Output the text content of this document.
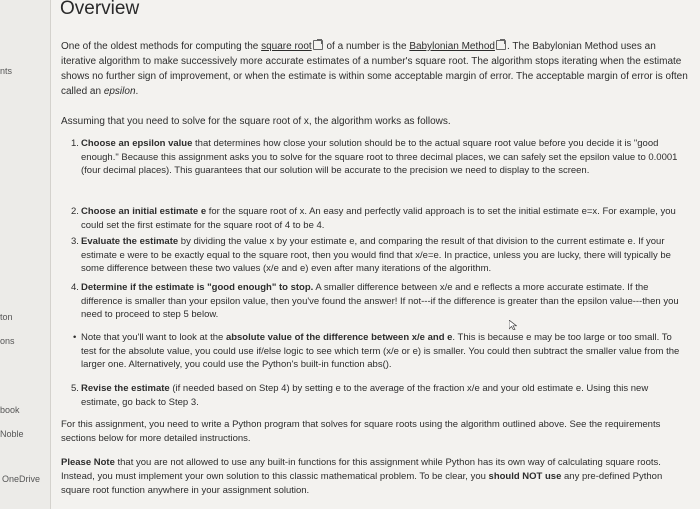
nts
ton
ons
book
Noble
OneDrive
Overview
One of the oldest methods for computing the square root of a number is the Babylonian Method . The Babylonian Method uses an iterative algorithm to make successively more accurate estimates of a number's square root. The algorithm stops iterating when the estimate shows no further sign of improvement, or when the estimate is within some acceptable margin of error. The acceptable margin of error is often called an epsilon.
Assuming that you need to solve for the square root of x, the algorithm works as follows.
1. Choose an epsilon value that determines how close your solution should be to the actual square root value before you decide it is "good enough." Because this assignment asks you to solve for the square root to three decimal places, we can safely set the epsilon value to 0.0001 (four decimal places). This guarantees that our solution will be accurate to the precision we need to display to the screen.
2. Choose an initial estimate e for the square root of x. An easy and perfectly valid approach is to set the initial estimate e=x. For example, you could set the first estimate for the square root of 4 to be 4.
3. Evaluate the estimate by dividing the value x by your estimate e, and comparing the result of that division to the current estimate e. If your estimate e were to be exactly equal to the square root, then you would find that x/e=e. In practice, unless you are lucky, there will typically be some difference between these two values (x/e and e) even after many iterations of the algorithm.
4. Determine if the estimate is "good enough" to stop. A smaller difference between x/e and e reflects a more accurate estimate. If the difference is smaller than your epsilon value, then you've found the answer! If not---if the difference is greater than the epsilon value---then you need to proceed to step 5 below.
• Note that you'll want to look at the absolute value of the difference between x/e and e. This is because e may be too large or too small. To test for the absolute value, you could use if/else logic to see which term (x/e or e) is smaller. You could then subtract the smaller value from the larger one. Alternatively, you could use the Python's built-in function abs().
5. Revise the estimate (if needed based on Step 4) by setting e to the average of the fraction x/e and your old estimate e. Using this new estimate, go back to Step 3.
For this assignment, you need to write a Python program that solves for square roots using the algorithm outlined above. See the requirements sections below for more detailed instructions.
Please Note that you are not allowed to use any built-in functions for this assignment while Python has its own way of calculating square roots. Instead, you must implement your own solution to this classic mathematical problem. To be clear, you should NOT use any pre-defined Python square root function anywhere in your assignment solution.
